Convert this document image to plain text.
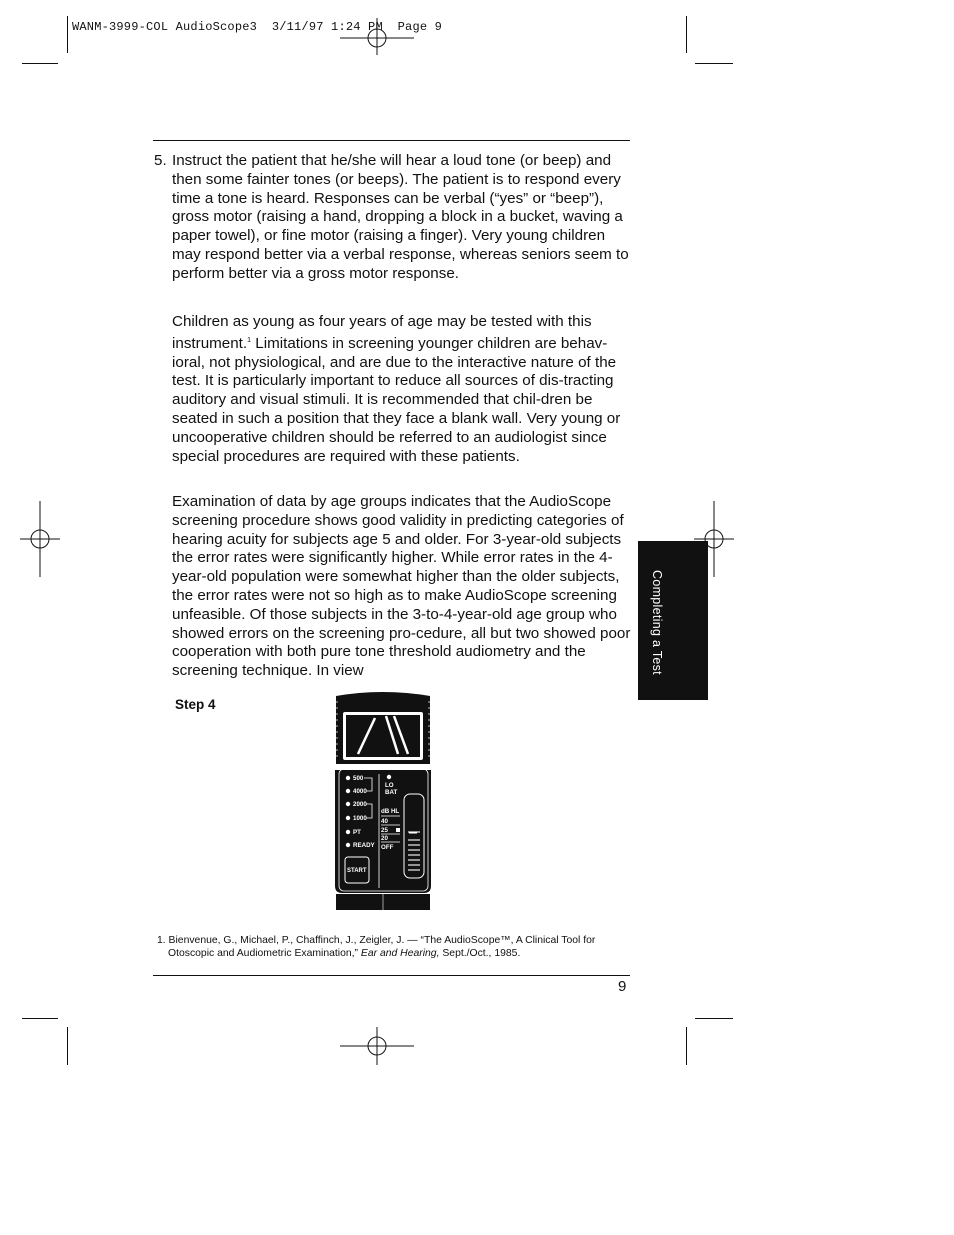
WANM-3999-COL AudioScope3  3/11/97 1:24 PM  Page 9
5. Instruct the patient that he/she will hear a loud tone (or beep) and then some fainter tones (or beeps). The patient is to respond every time a tone is heard. Responses can be verbal (“yes” or “beep”), gross motor (raising a hand, dropping a block in a bucket, waving a paper towel), or fine motor (raising a finger). Very young children may respond better via a verbal response, whereas seniors seem to perform better via a gross motor response.

Children as young as four years of age may be tested with this instrument.$^1$ Limitations in screening younger children are behav-ioral, not physiological, and are due to the interactive nature of the test. It is particularly important to reduce all sources of dis-tracting auditory and visual stimuli. It is recommended that chil-dren be seated in such a position that they face a blank wall. Very young or uncooperative children should be referred to an audiologist since special procedures are required with these patients.

Examination of data by age groups indicates that the AudioScope screening procedure shows good validity in predicting categories of hearing acuity for subjects age 5 and older. For 3-year-old subjects the error rates were significantly higher. While error rates in the 4-year-old population were somewhat higher than the older subjects, the error rates were not so high as to make AudioScope screening unfeasible. Of those subjects in the 3-to-4-year-old age group who showed errors on the screening pro-cedure, all but two showed poor cooperation with both pure tone threshold audiometry and the screening technique. In view	Completing a Test
Step 4
500
4000
2000
1000
PT
READY
LO
BAT
dB HL
40
25
20
OFF
START
1. Bienvenue, G., Michael, P., Chaffinch, J., Zeigler, J. — “The AudioScope™, A Clinical Tool for
Otoscopic and Audiometric Examination,” Ear and Hearing, Sept./Oct., 1985.
9
